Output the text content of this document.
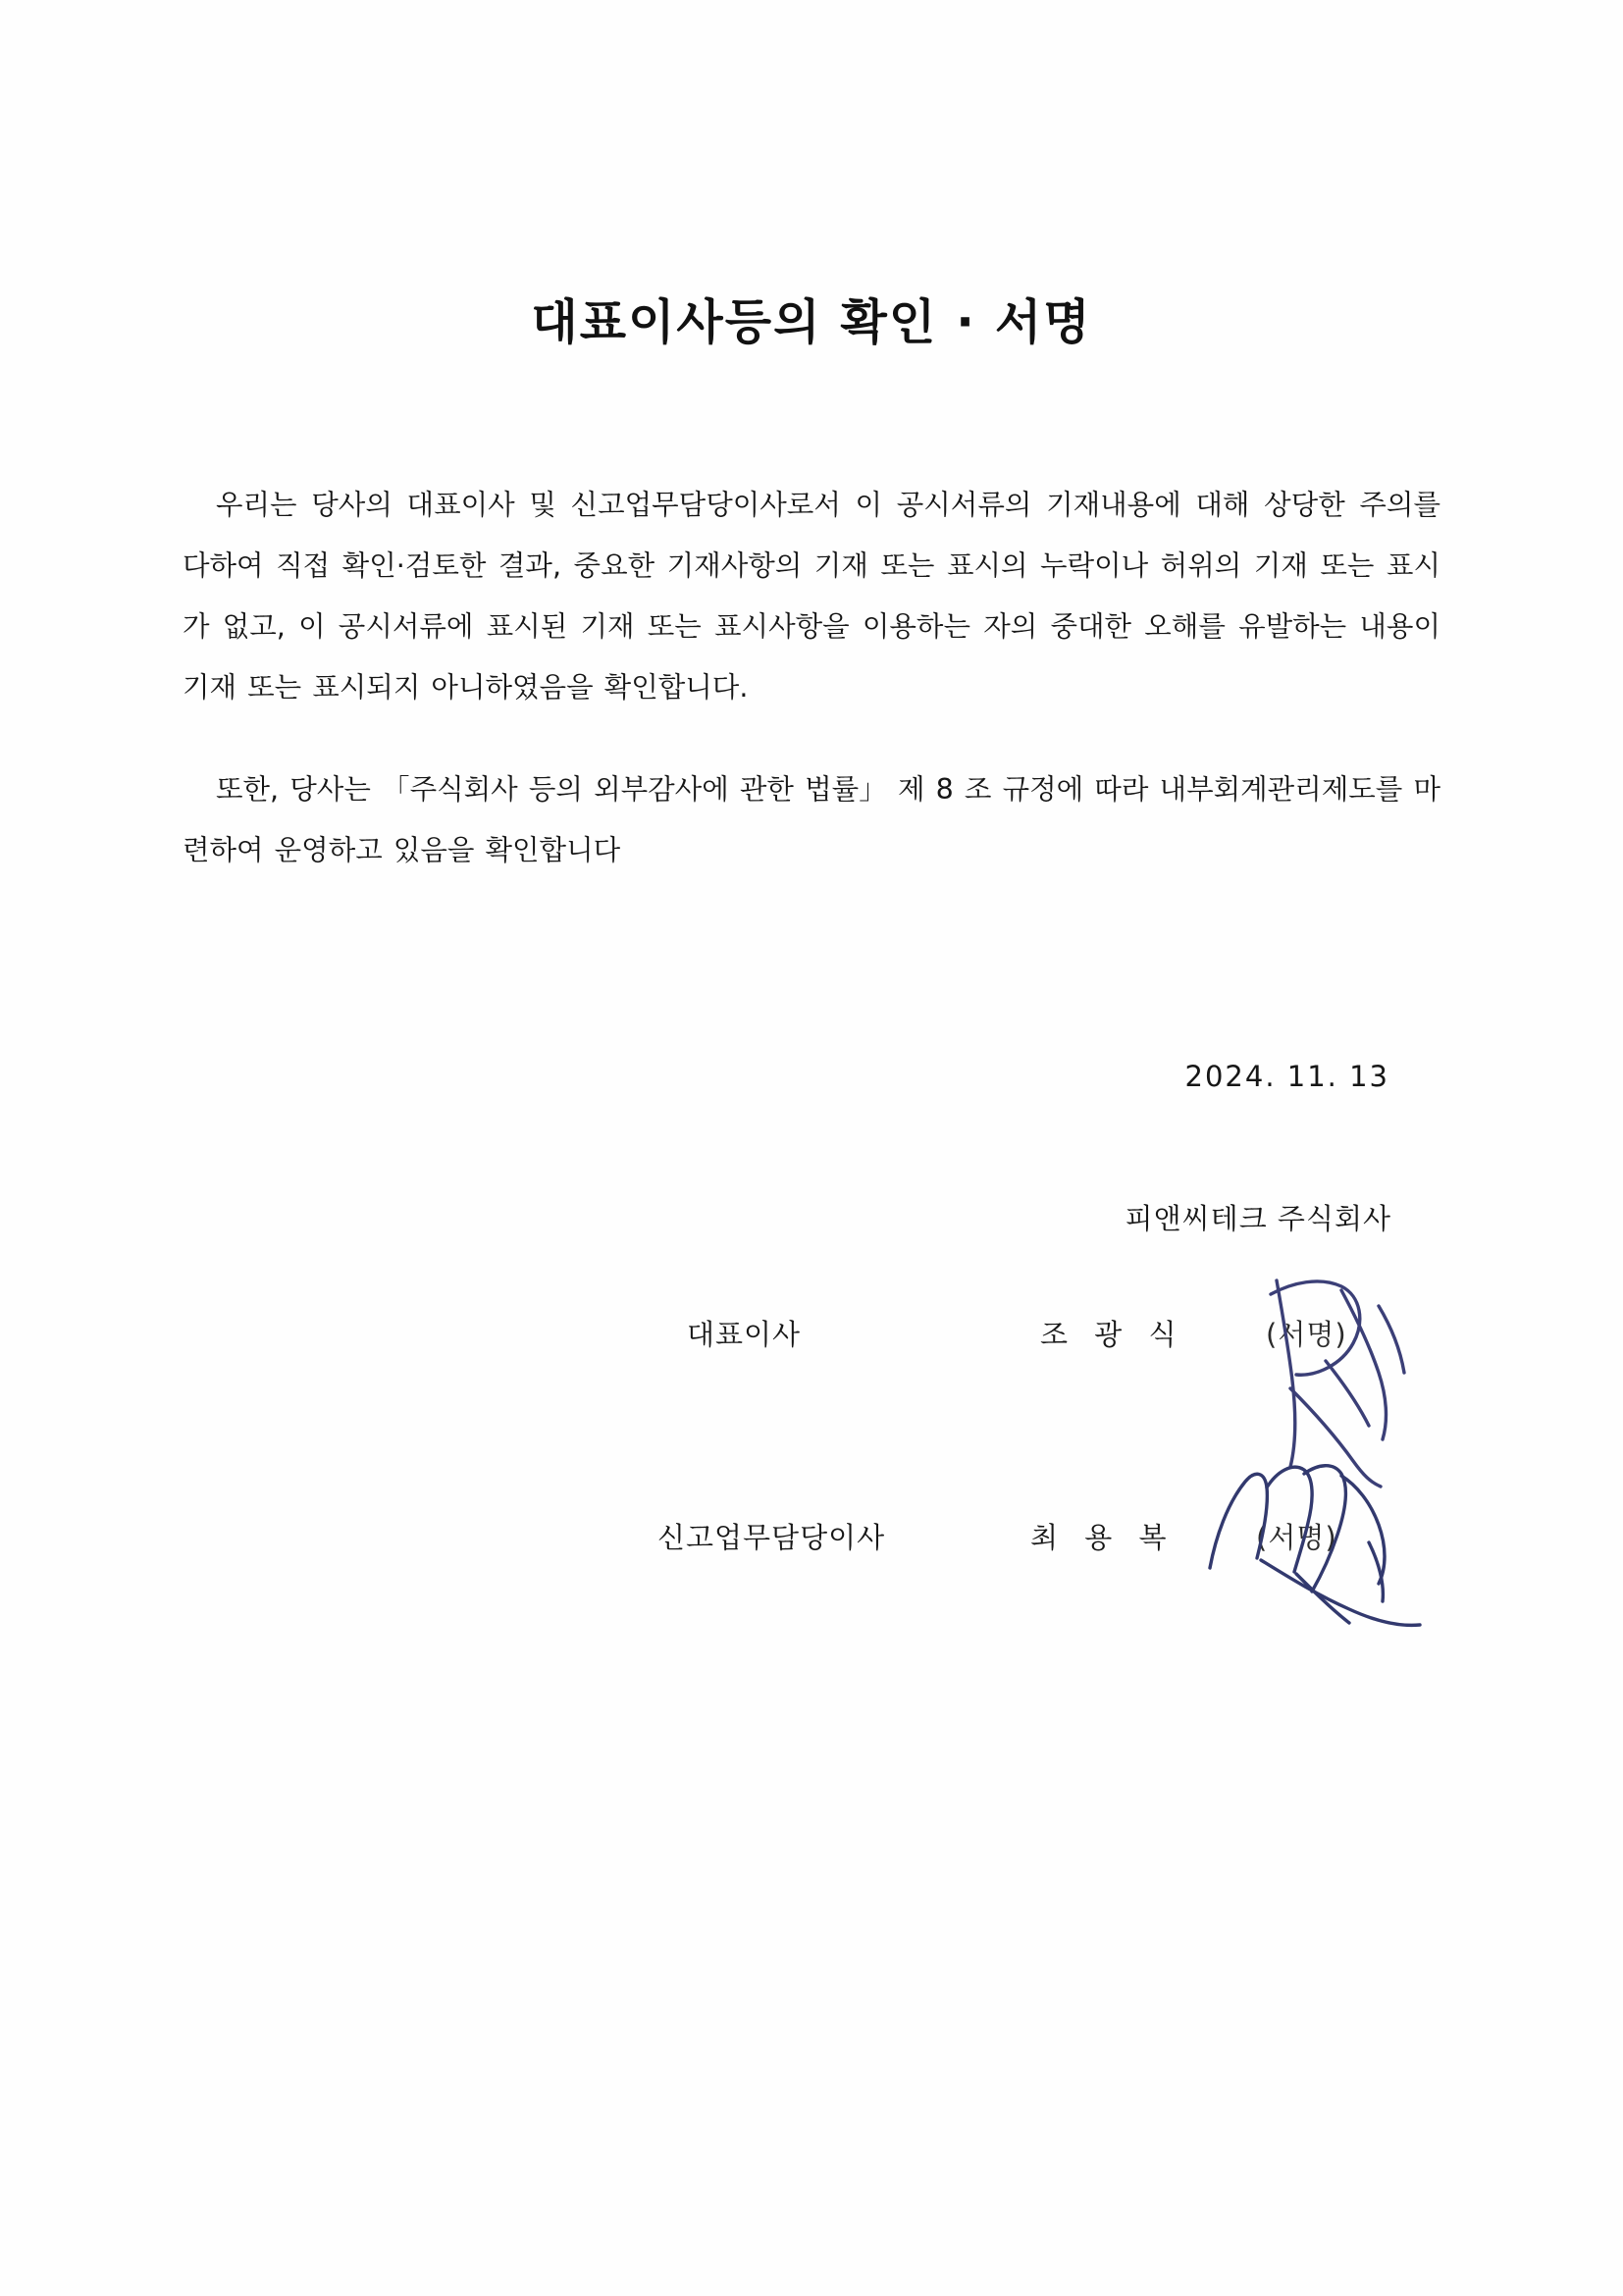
대표이사등의 확인 · 서명

우리는 당사의 대표이사 및 신고업무담당이사로서 이 공시서류의 기재내용에 대해 상당한 주의를 다하여 직접 확인·검토한 결과, 중요한 기재사항의 기재 또는 표시의 누락이나 허위의 기재 또는 표시가 없고, 이 공시서류에 표시된 기재 또는 표시사항을 이용하는 자의 중대한 오해를 유발하는 내용이 기재 또는 표시되지 아니하였음을 확인합니다.

또한, 당사는 「주식회사 등의 외부감사에 관한 법률」 제 8 조 규정에 따라 내부회계관리제도를 마련하여 운영하고 있음을 확인합니다

2024. 11. 13
피앤씨테크 주식회사
대표이사	조 광 식	(서명)
신고업무담당이사	최 용 복	(서명)
